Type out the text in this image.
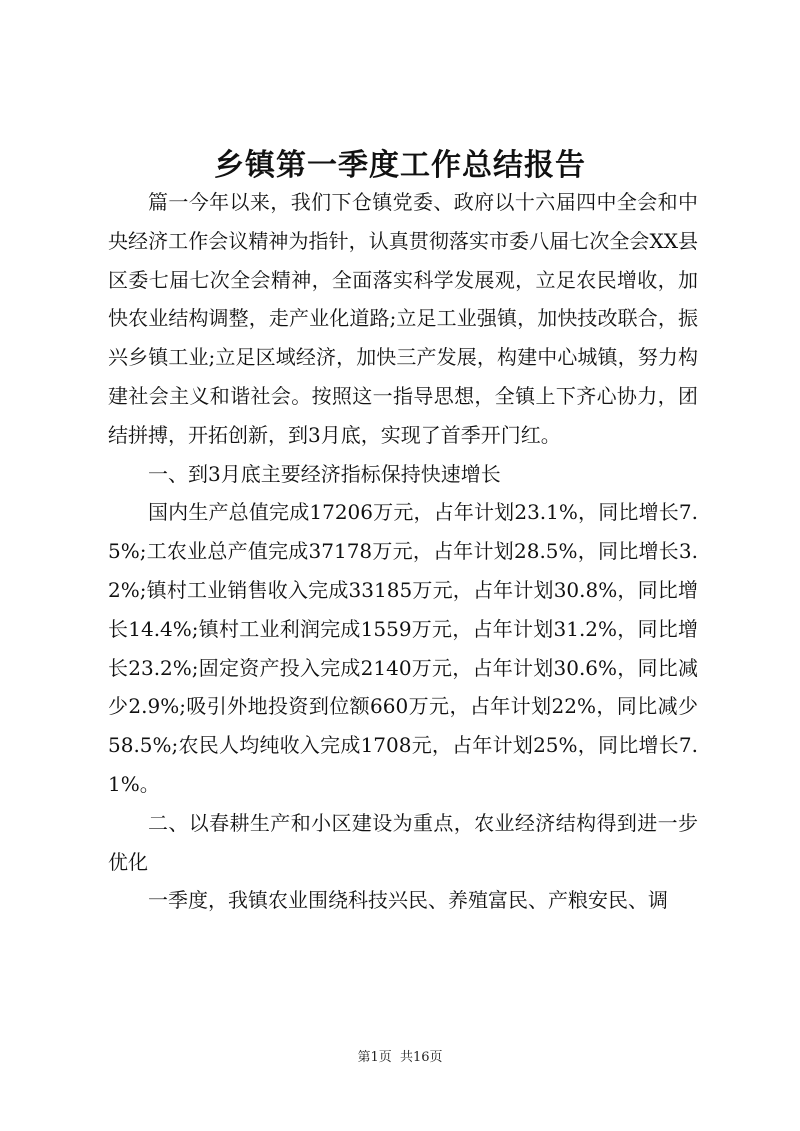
乡镇第一季度工作总结报告

篇一今年以来，我们下仓镇党委、政府以十六届四中全会和中央经济工作会议精神为指针，认真贯彻落实市委八届七次全会XX县区委七届七次全会精神，全面落实科学发展观，立足农民增收，加快农业结构调整，走产业化道路;立足工业强镇，加快技改联合，振兴乡镇工业;立足区域经济，加快三产发展，构建中心城镇，努力构建社会主义和谐社会。按照这一指导思想，全镇上下齐心协力，团结拼搏，开拓创新，到3月底，实现了首季开门红。

一、到3月底主要经济指标保持快速增长

国内生产总值完成17206万元，占年计划23.1%，同比增长7.5%;工农业总产值完成37178万元，占年计划28.5%，同比增长3.2%;镇村工业销售收入完成33185万元，占年计划30.8%，同比增长14.4%;镇村工业利润完成1559万元，占年计划31.2%，同比增长23.2%;固定资产投入完成2140万元，占年计划30.6%，同比减少2.9%;吸引外地投资到位额660万元，占年计划22%，同比减少58.5%;农民人均纯收入完成1708元，占年计划25%，同比增长7.1%。

二、以春耕生产和小区建设为重点，农业经济结构得到进一步优化

一季度，我镇农业围绕科技兴民、养殖富民、产粮安民、调

第1页 共16页
